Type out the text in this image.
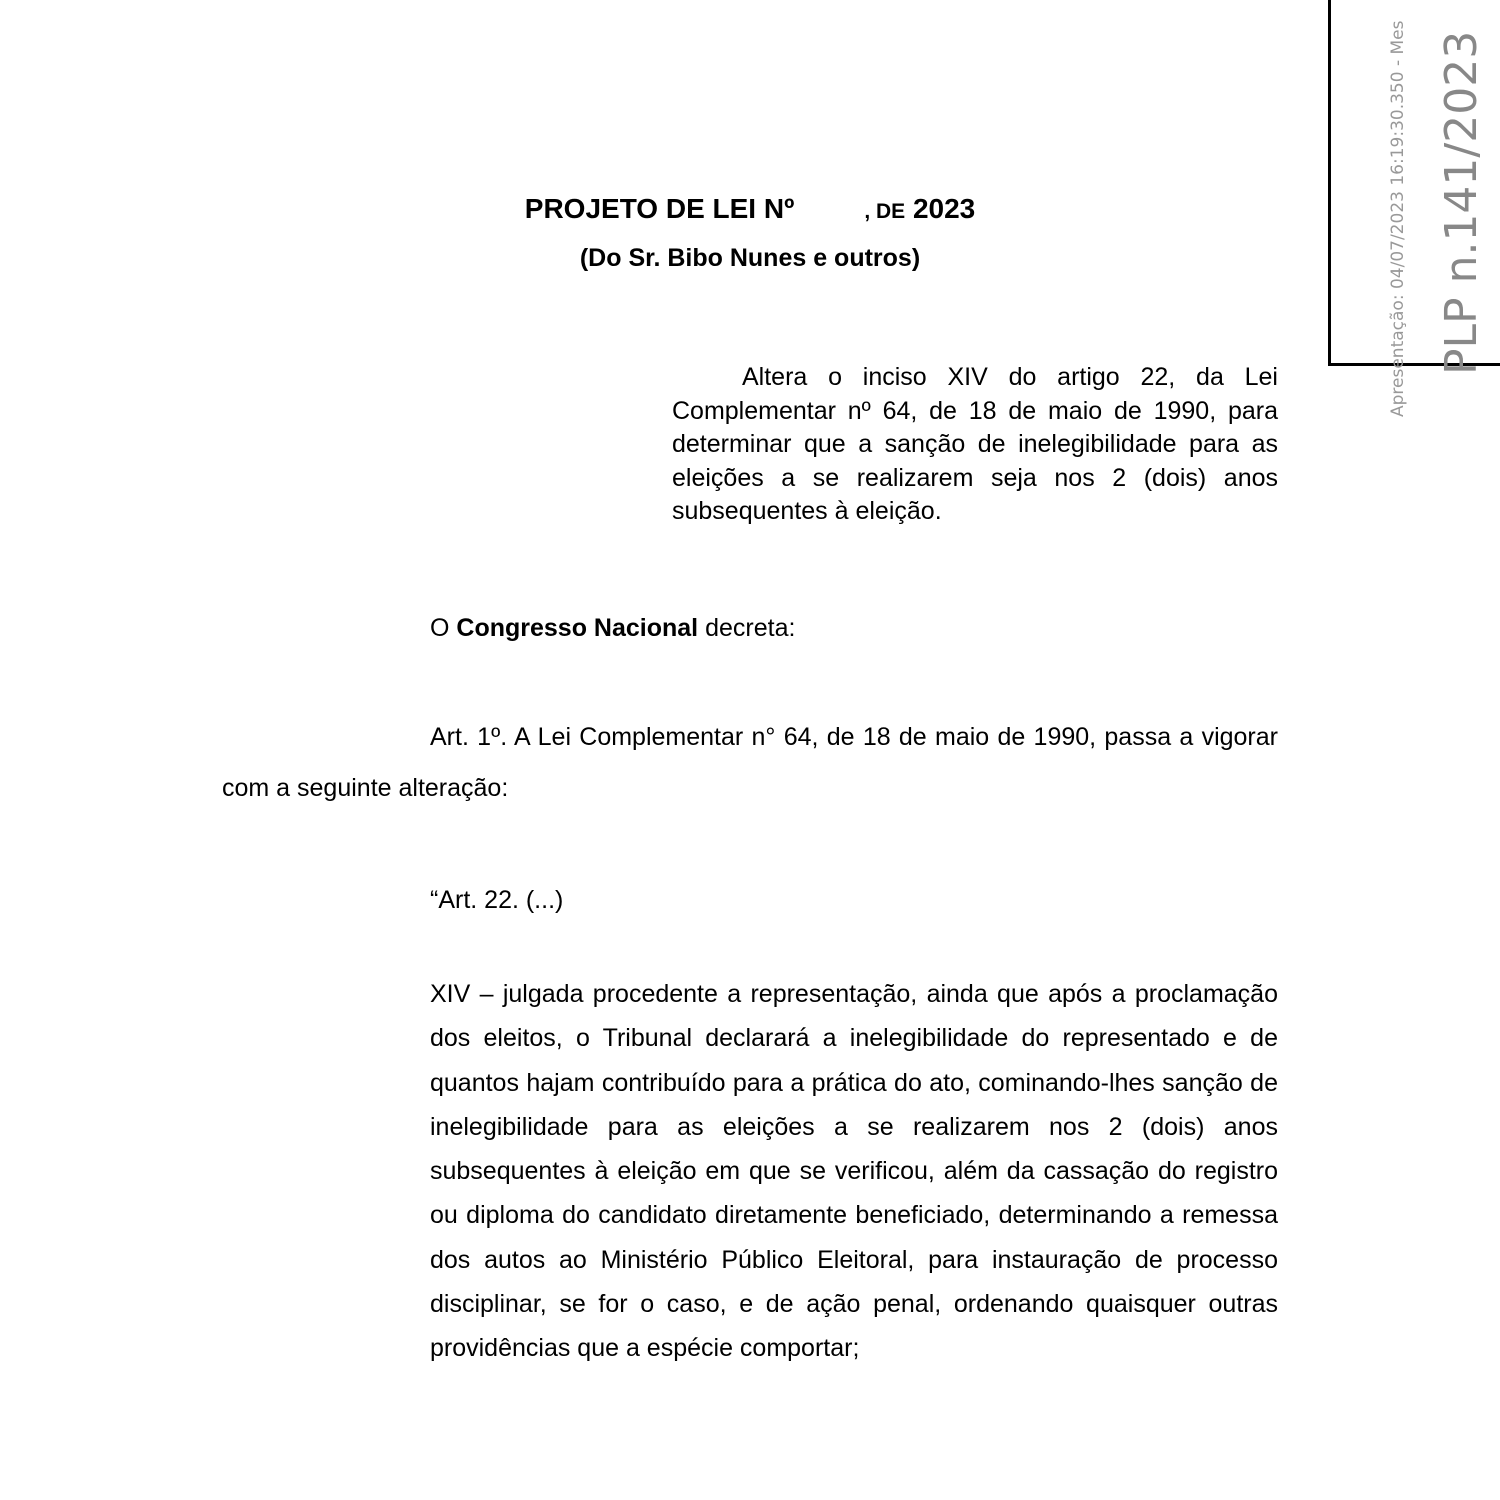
Apresentação: 04/07/2023 16:19:30.350 - Mes PLP n.141/2023
PROJETO DE LEI Nº	, DE 2023
(Do Sr. Bibo Nunes e outros)
Altera o inciso XIV do artigo 22, da Lei Complementar nº 64, de 18 de maio de 1990, para determinar que a sanção de inelegibilidade para as eleições a se realizarem seja nos 2 (dois) anos subsequentes à eleição.
O Congresso Nacional decreta:
Art. 1º. A Lei Complementar n° 64, de 18 de maio de 1990, passa a vigorar com a seguinte alteração:
“Art. 22. (...)
XIV – julgada procedente a representação, ainda que após a proclamação dos eleitos, o Tribunal declarará a inelegibilidade do representado e de quantos hajam contribuído para a prática do ato, cominando-lhes sanção de inelegibilidade para as eleições a se realizarem nos 2 (dois) anos subsequentes à eleição em que se verificou, além da cassação do registro ou diploma do candidato diretamente beneficiado, determinando a remessa dos autos ao Ministério Público Eleitoral, para instauração de processo disciplinar, se for o caso, e de ação penal, ordenando quaisquer outras providências que a espécie comportar;
